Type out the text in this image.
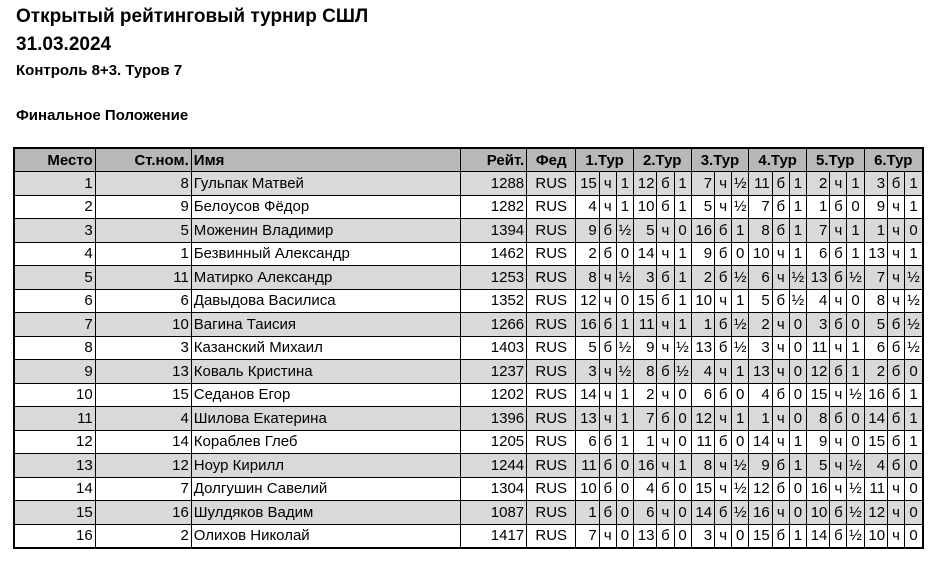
Открытый рейтинговый турнир СШЛ
31.03.2024
Контроль 8+3. Туров 7
Финальное Положение
Место	Ст.ном.	Имя	Рейт.	Фед	1.Тур			2.Тур			3.Тур			4.Тур			5.Тур			6.Тур		
1	8	Гульпак Матвей	1288	RUS	15	ч	1	12	б	1	7	ч	½	11	б	1	2	ч	1	3	б	1
2	9	Белоусов Фёдор	1282	RUS	4	ч	1	10	б	1	5	ч	½	7	б	1	1	б	0	9	ч	1
3	5	Моженин Владимир	1394	RUS	9	б	½	5	ч	0	16	б	1	8	б	1	7	ч	1	1	ч	0
4	1	Безвинный Александр	1462	RUS	2	б	0	14	ч	1	9	б	0	10	ч	1	6	б	1	13	ч	1
5	11	Матирко Александр	1253	RUS	8	ч	½	3	б	1	2	б	½	6	ч	½	13	б	½	7	ч	½
6	6	Давыдова Василиса	1352	RUS	12	ч	0	15	б	1	10	ч	1	5	б	½	4	ч	0	8	ч	½
7	10	Вагина Таисия	1266	RUS	16	б	1	11	ч	1	1	б	½	2	ч	0	3	б	0	5	б	½
8	3	Казанский Михаил	1403	RUS	5	б	½	9	ч	½	13	б	½	3	ч	0	11	ч	1	6	б	½
9	13	Коваль Кристина	1237	RUS	3	ч	½	8	б	½	4	ч	1	13	ч	0	12	б	1	2	б	0
10	15	Седанов Егор	1202	RUS	14	ч	1	2	ч	0	6	б	0	4	б	0	15	ч	½	16	б	1
11	4	Шилова Екатерина	1396	RUS	13	ч	1	7	б	0	12	ч	1	1	ч	0	8	б	0	14	б	1
12	14	Кораблев Глеб	1205	RUS	6	б	1	1	ч	0	11	б	0	14	ч	1	9	ч	0	15	б	1
13	12	Ноур Кирилл	1244	RUS	11	б	0	16	ч	1	8	ч	½	9	б	1	5	ч	½	4	б	0
14	7	Долгушин Савелий	1304	RUS	10	б	0	4	б	0	15	ч	½	12	б	0	16	ч	½	11	ч	0
15	16	Шулдяков Вадим	1087	RUS	1	б	0	6	ч	0	14	б	½	16	ч	0	10	б	½	12	ч	0
16	2	Олихов Николай	1417	RUS	7	ч	0	13	б	0	3	ч	0	15	б	1	14	б	½	10	ч	0
